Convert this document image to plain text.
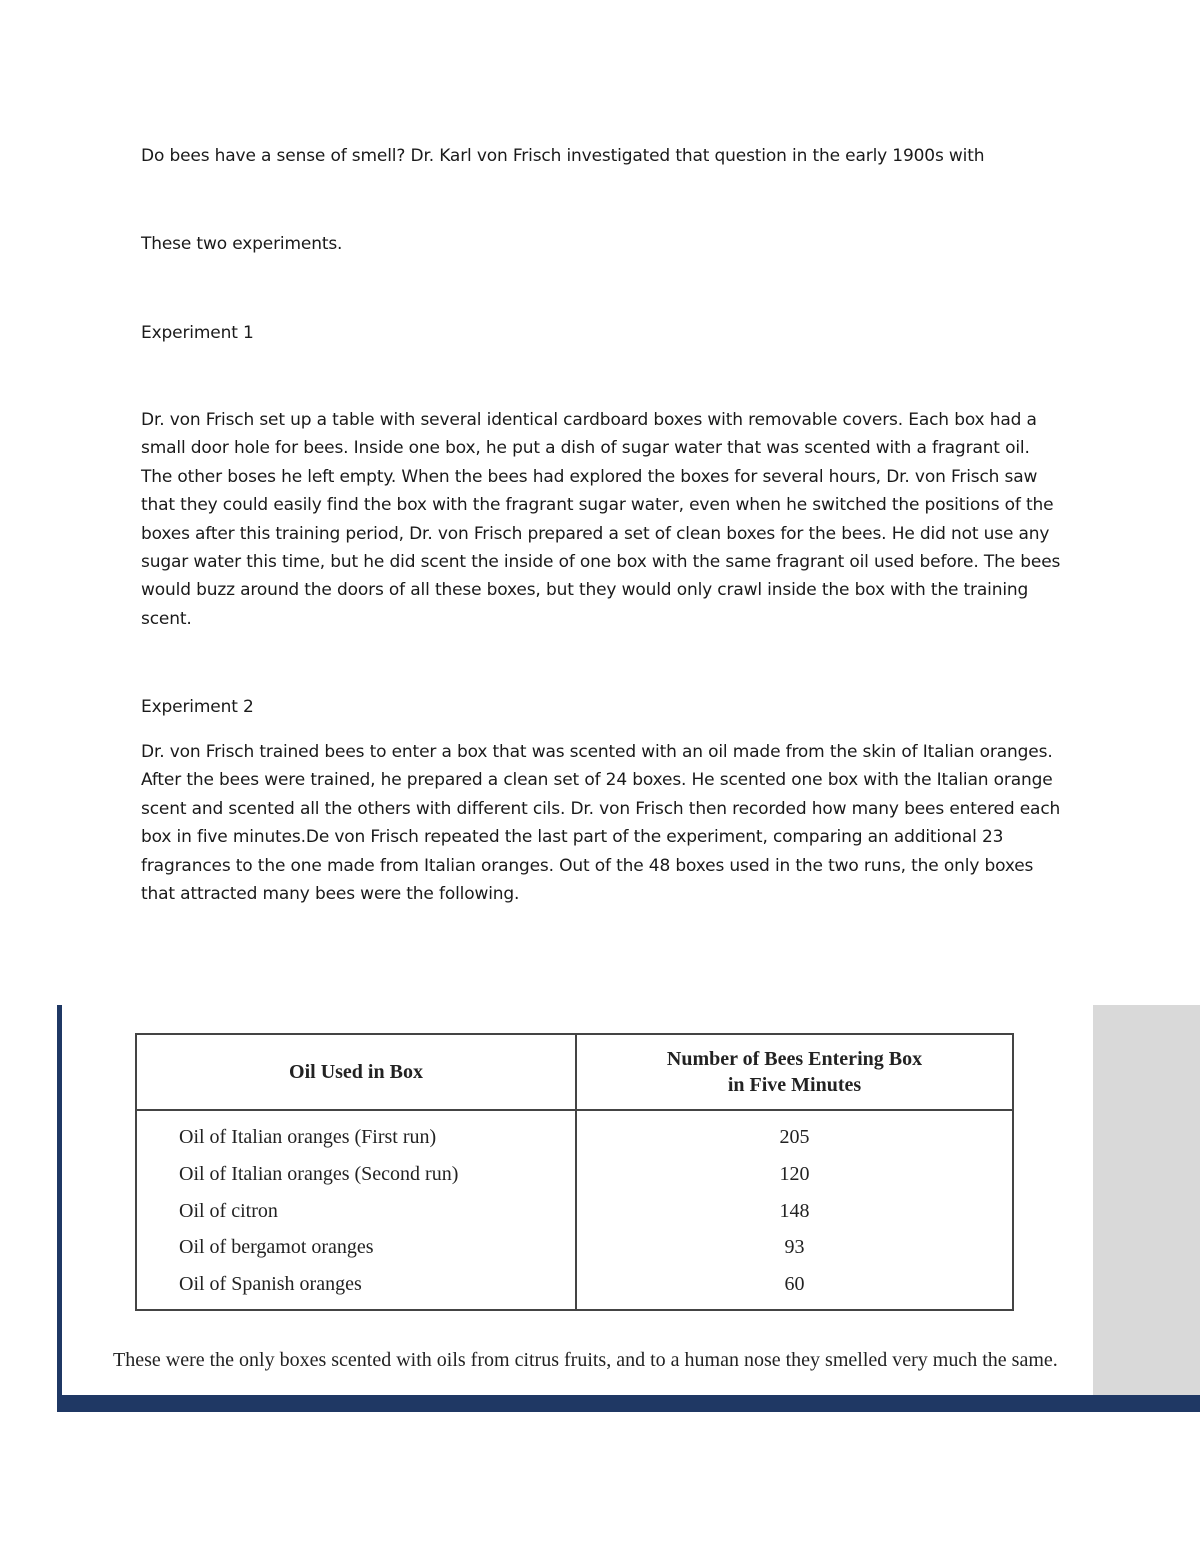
Do bees have a sense of smell? Dr. Karl von Frisch investigated that question in the early 1900s with

These two experiments.

Experiment 1

Dr. von Frisch set up a table with several identical cardboard boxes with removable covers. Each box had a small door hole for bees. Inside one box, he put a dish of sugar water that was scented with a fragrant oil. The other boses he left empty. When the bees had explored the boxes for several hours, Dr. von Frisch saw that they could easily find the box with the fragrant sugar water, even when he switched the positions of the boxes after this training period, Dr. von Frisch prepared a set of clean boxes for the bees. He did not use any sugar water this time, but he did scent the inside of one box with the same fragrant oil used before. The bees would buzz around the doors of all these boxes, but they would only crawl inside the box with the training scent.

Experiment 2

Dr. von Frisch trained bees to enter a box that was scented with an oil made from the skin of Italian oranges. After the bees were trained, he prepared a clean set of 24 boxes. He scented one box with the Italian orange scent and scented all the others with different cils. Dr. von Frisch then recorded how many bees entered each box in five minutes.De von Frisch repeated the last part of the experiment, comparing an additional 23 fragrances to the one made from Italian oranges. Out of the 48 boxes used in the two runs, the only boxes that attracted many bees were the following.

Oil Used in Box	Number of Bees Entering Box
in Five Minutes
Oil of Italian oranges (First run)	205
Oil of Italian oranges (Second run)	120
Oil of citron	148
Oil of bergamot oranges	93
Oil of Spanish oranges	60

These were the only boxes scented with oils from citrus fruits, and to a human nose they smelled very much the same.
